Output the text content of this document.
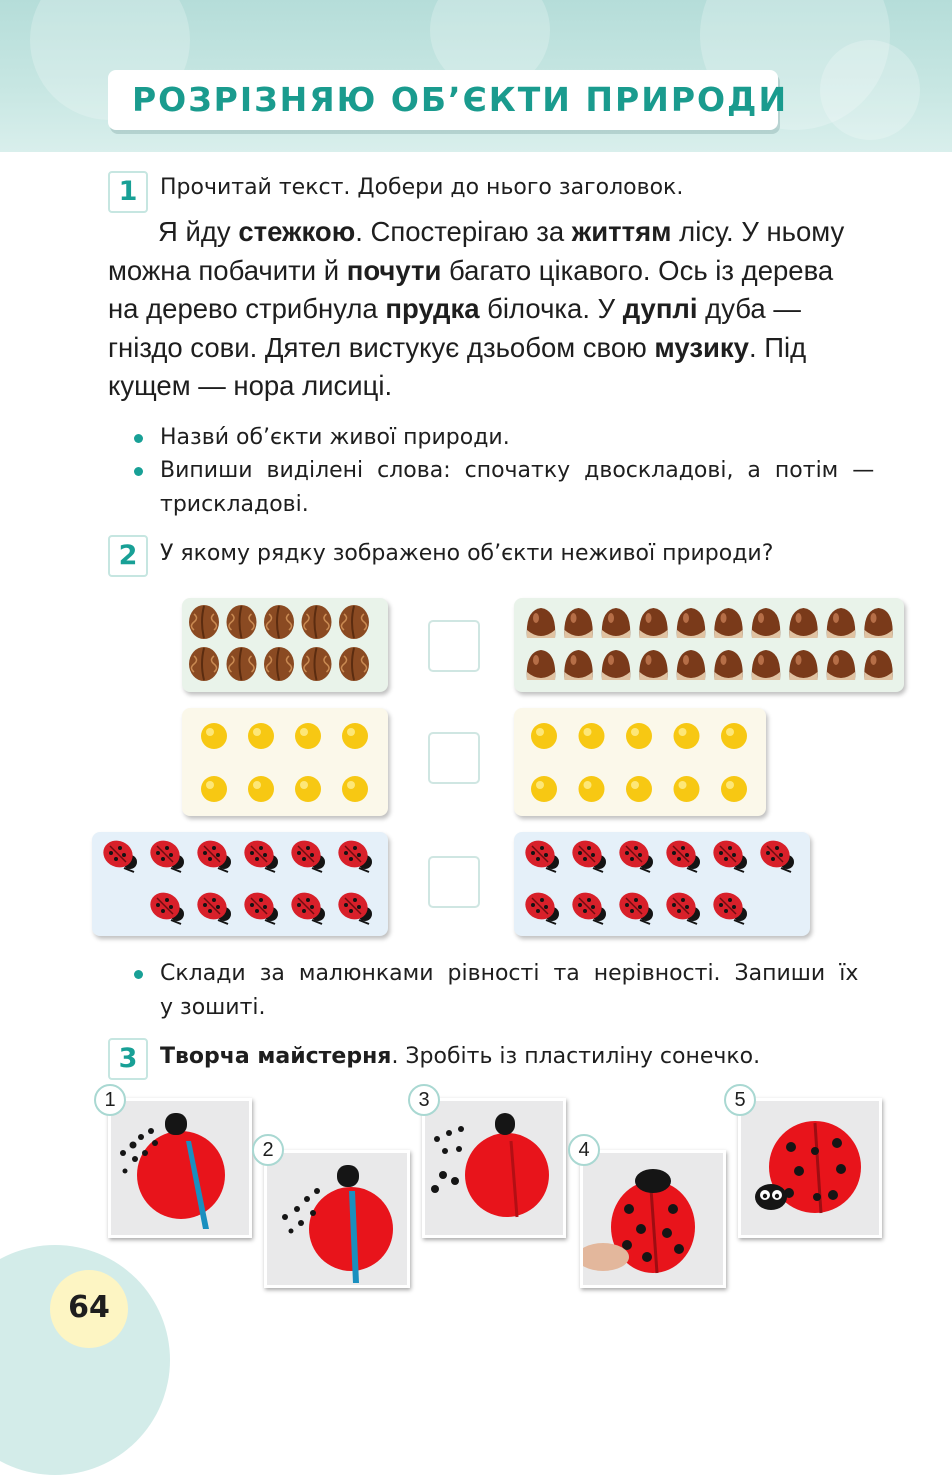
РОЗРІЗНЯЮ ОБ’ЄКТИ ПРИРОДИ
1	Прочитай текст. Добери до нього заголовок.

Я йду стежкою. Спостерігаю за життям лісу. У ньому

можна побачити й почути багато цікавого. Ось із дерева

на дерево стрибнула прудка білочка. У дуплі дуба —

гніздо сови. Дятел вистукує дзьобом свою музику. Під

кущем — нора лисиці.

Назви́ об’єкти живої природи.
Випиши  виділені  слова:  спочатку  двоскладові,  а  потім  —
трискладові.
2	У якому рядку зображено об’єкти неживої природи?
Склади  за  малюнками  рівності  та  нерівності.  Запиши  їх
у зошиті.
3	Творча майстерня. Зробіть із пластиліну сонечко.
1
2
3
4
5
64
